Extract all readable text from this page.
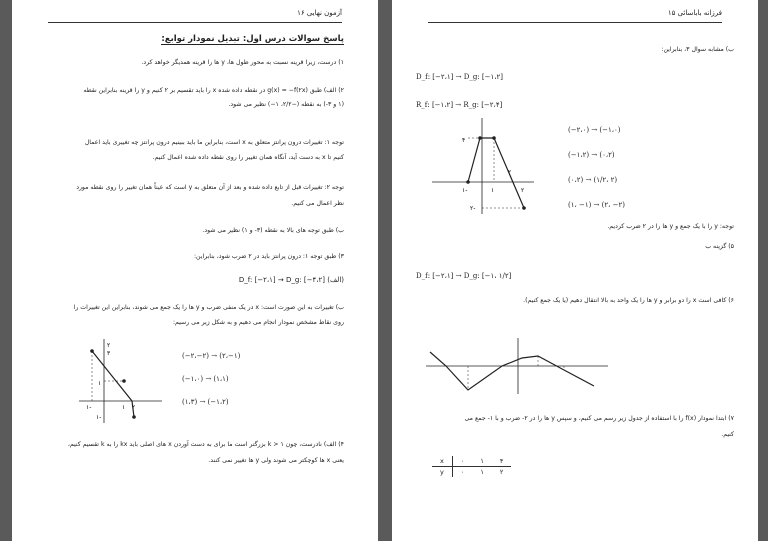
۱۶ آزمون نهایی
پاسخ سوالات درس اول: تبدیل نمودار توابع:
۱) درست، زیرا قرینه نسبت به محور طول ها، y ها را قرینه همدیگر خواهد کرد.
۲) الف) طبق g(x) = −f(۲x) در نقطه داده شده x را باید تقسیم بر ۲ کنیم و y را قرینه بنابراین نقطه
(۱ و ۳-) به نقطه (−۲/۲، ۱−) نظیر می شود.
توجه ۱: تغییرات درون پرانتز متعلق به x است، بنابراین ما باید ببینیم درون پرانتز چه تغییری باید اعمال
کنیم تا x به دست آید، آنگاه همان تغییر را روی نقطه داده شده اعمال کنیم.
توجه ۲: تغییرات قبل از تابع داده شده و بعد از آن متعلق به y است که عیناً همان تغییر را روی نقطه مورد
نظر اعمال می کنیم.
ب) طبق توجه های بالا به نقطه (۳- و ۱) نظیر می شود.
۳) طبق توجه ۱: درون پرانتز باید در ۲ ضرب شود، بنابراین:
(الف) D_f: [−۲،۱] → D_g: [−۴،۲]
ب) تغییرات به این صورت است: x در یک منفی ضرب و y ها را یک جمع می شوند، بنابراین این تغییرات را
روی نقاط مشخص نمودار انجام می دهیم و به شکل زیر می رسیم:
۲
۳
۱
۱-	۱ ۲
۱-
(−۲،−۲) → (۲،−۱)
(−۱،۰) → (۱،۱)
(۱،۳) → (−۱،۲)
۴) الف) نادرست، چون k > ۱ بزرگتر است ما برای به دست آوردن x های اصلی باید kx را به k تقسیم کنیم،
یعنی x ها کوچکتر می شوند ولی y ها تغییر نمی کنند.
۱۵ فرزانه باباسائی
ب) مشابه سوال ۳، بنابراین:
D_f: [−۲،۱] → D_g: [−۱،۲]
R_f: [−۱،۲] → R_g: [−۲،۴]
۴
۲
۱-	۱	۲
۲-
(−۲،۰) → (−۱،۰)
(−۱،۲) → (۰،۲)
(۰،۲) → (۱/۲، ۲)
(۱، −۱) → (۲، −۲)
توجه: y را با یک جمع و y ها را در ۲ ضرب کردیم.
۵) گزینه ب
D_f: [−۲،۱] → D_g: [−۱، ۱/۲]
۶) کافی است x را دو برابر و y ها را یک واحد به بالا انتقال دهیم (یا یک جمع کنیم).
۷) ابتدا نمودار f(x) را با استفاده از جدول زیر رسم می کنیم، و سپس y ها را در ۲- ضرب و با ۱- جمع می
کنیم.
x	۰	۱	۴
y	۰	۱	۲
